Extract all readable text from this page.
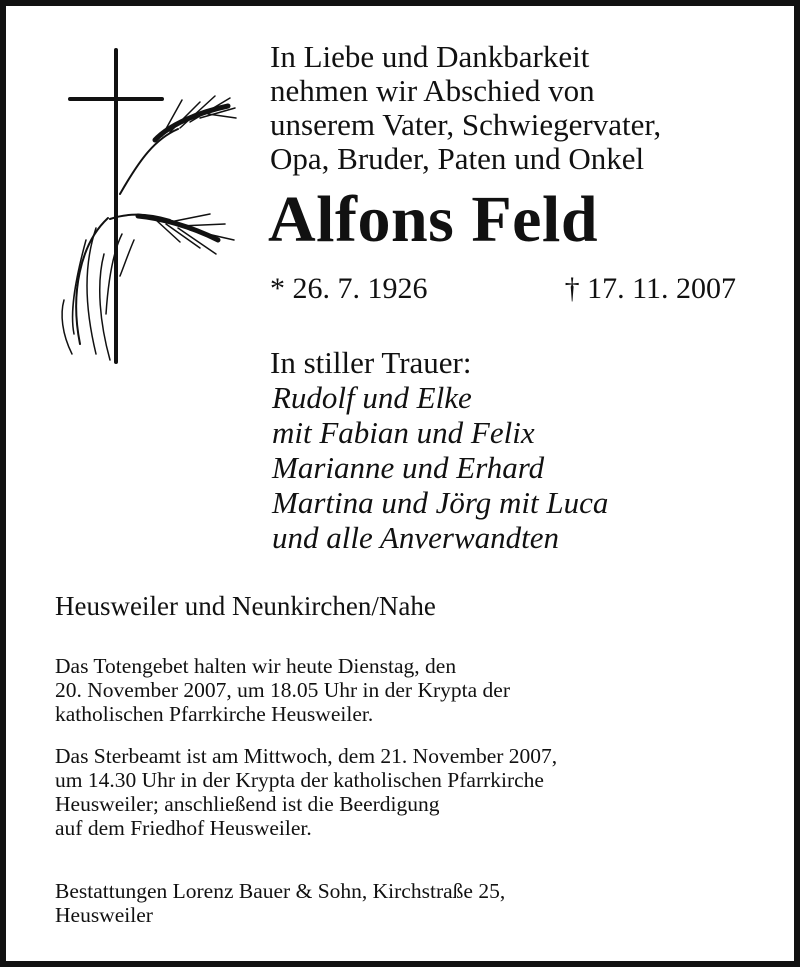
In Liebe und Dankbarkeit
nehmen wir Abschied von
unserem Vater, Schwiegervater,
Opa, Bruder, Paten und Onkel

Alfons Feld
* 26. 7. 1926	† 17. 11. 2007

In stiller Trauer:

Rudolf und Elke
mit Fabian und Felix
Marianne und Erhard
Martina und Jörg mit Luca
und alle Anverwandten
Heusweiler und Neunkirchen/Nahe
Das Totengebet halten wir heute Dienstag, den
20. November 2007, um 18.05 Uhr in der Krypta der
katholischen Pfarrkirche Heusweiler.
Das Sterbeamt ist am Mittwoch, dem 21. November 2007,
um 14.30 Uhr in der Krypta der katholischen Pfarrkirche
Heusweiler; anschließend ist die Beerdigung
auf dem Friedhof Heusweiler.
Bestattungen Lorenz Bauer & Sohn, Kirchstraße 25,
Heusweiler
